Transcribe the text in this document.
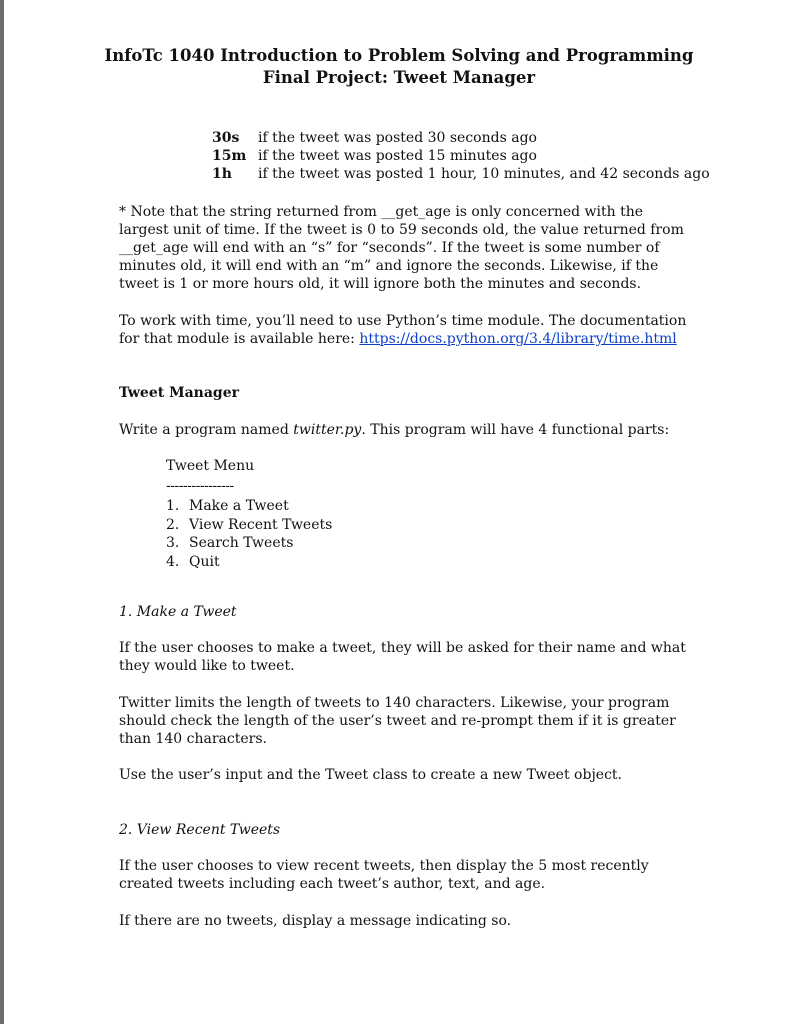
InfoTc 1040 Introduction to Problem Solving and Programming
Final Project: Tweet Manager
30s	if the tweet was posted 30 seconds ago
15m	if the tweet was posted 15 minutes ago
1h	if the tweet was posted 1 hour, 10 minutes, and 42 seconds ago

* Note that the string returned from __get_age is only concerned with the largest unit of time. If the tweet is 0 to 59 seconds old, the value returned from __get_age will end with an “s” for “seconds”. If the tweet is some number of minutes old, it will end with an “m” and ignore the seconds. Likewise, if the tweet is 1 or more hours old, it will ignore both the minutes and seconds.

To work with time, you’ll need to use Python’s time module. The documentation for that module is available here: https://docs.python.org/3.4/library/time.html

Tweet Manager

Write a program named twitter.py. This program will have 4 functional parts:

Tweet Menu
----------------
1. Make a Tweet
2. View Recent Tweets
3. Search Tweets
4. Quit

1. Make a Tweet

If the user chooses to make a tweet, they will be asked for their name and what they would like to tweet.

Twitter limits the length of tweets to 140 characters. Likewise, your program should check the length of the user’s tweet and re-prompt them if it is greater than 140 characters.

Use the user’s input and the Tweet class to create a new Tweet object.

2. View Recent Tweets

If the user chooses to view recent tweets, then display the 5 most recently created tweets including each tweet’s author, text, and age.

If there are no tweets, display a message indicating so.
